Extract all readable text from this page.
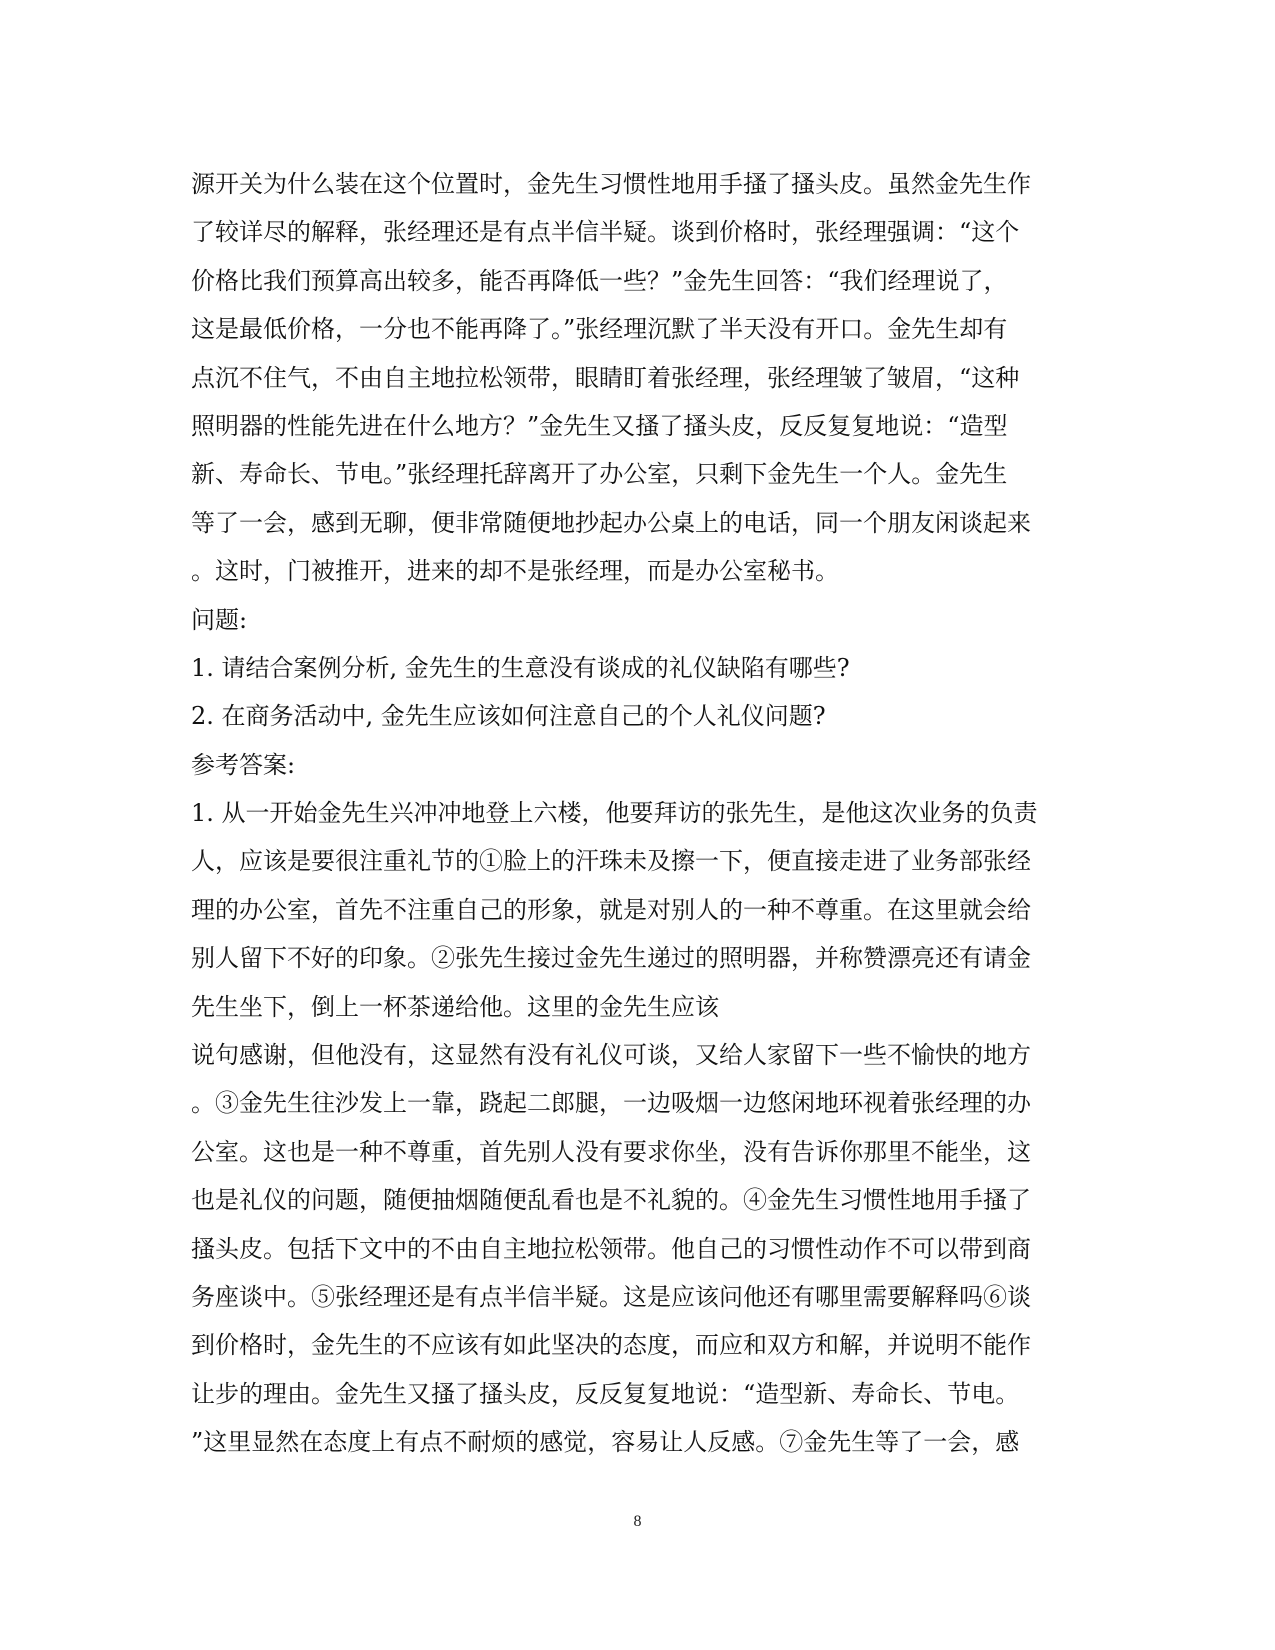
源开关为什么装在这个位置时，金先生习惯性地用手搔了搔头皮。虽然金先生作
了较详尽的解释，张经理还是有点半信半疑。谈到价格时，张经理强调：“这个
价格比我们预算高出较多，能否再降低一些？”金先生回答：“我们经理说了，
这是最低价格，一分也不能再降了。”张经理沉默了半天没有开口。金先生却有
点沉不住气，不由自主地拉松领带，眼睛盯着张经理，张经理皱了皱眉，“这种
照明器的性能先进在什么地方？”金先生又搔了搔头皮，反反复复地说：“造型
新、寿命长、节电。”张经理托辞离开了办公室，只剩下金先生一个人。金先生
等了一会，感到无聊，便非常随便地抄起办公桌上的电话，同一个朋友闲谈起来
。这时，门被推开，进来的却不是张经理，而是办公室秘书。
问题:
1. 请结合案例分析, 金先生的生意没有谈成的礼仪缺陷有哪些?
2. 在商务活动中, 金先生应该如何注意自己的个人礼仪问题?
参考答案:
1. 从一开始金先生兴冲冲地登上六楼，他要拜访的张先生，是他这次业务的负责
人，应该是要很注重礼节的①脸上的汗珠未及擦一下，便直接走进了业务部张经
理的办公室，首先不注重自己的形象，就是对别人的一种不尊重。在这里就会给
别人留下不好的印象。②张先生接过金先生递过的照明器，并称赞漂亮还有请金
先生坐下，倒上一杯茶递给他。这里的金先生应该
说句感谢，但他没有，这显然有没有礼仪可谈，又给人家留下一些不愉快的地方
。③金先生往沙发上一靠，跷起二郎腿，一边吸烟一边悠闲地环视着张经理的办
公室。这也是一种不尊重，首先别人没有要求你坐，没有告诉你那里不能坐，这
也是礼仪的问题，随便抽烟随便乱看也是不礼貌的。④金先生习惯性地用手搔了
搔头皮。包括下文中的不由自主地拉松领带。他自己的习惯性动作不可以带到商
务座谈中。⑤张经理还是有点半信半疑。这是应该问他还有哪里需要解释吗⑥谈
到价格时，金先生的不应该有如此坚决的态度，而应和双方和解，并说明不能作
让步的理由。金先生又搔了搔头皮，反反复复地说：“造型新、寿命长、节电。
”这里显然在态度上有点不耐烦的感觉，容易让人反感。⑦金先生等了一会，感
8
